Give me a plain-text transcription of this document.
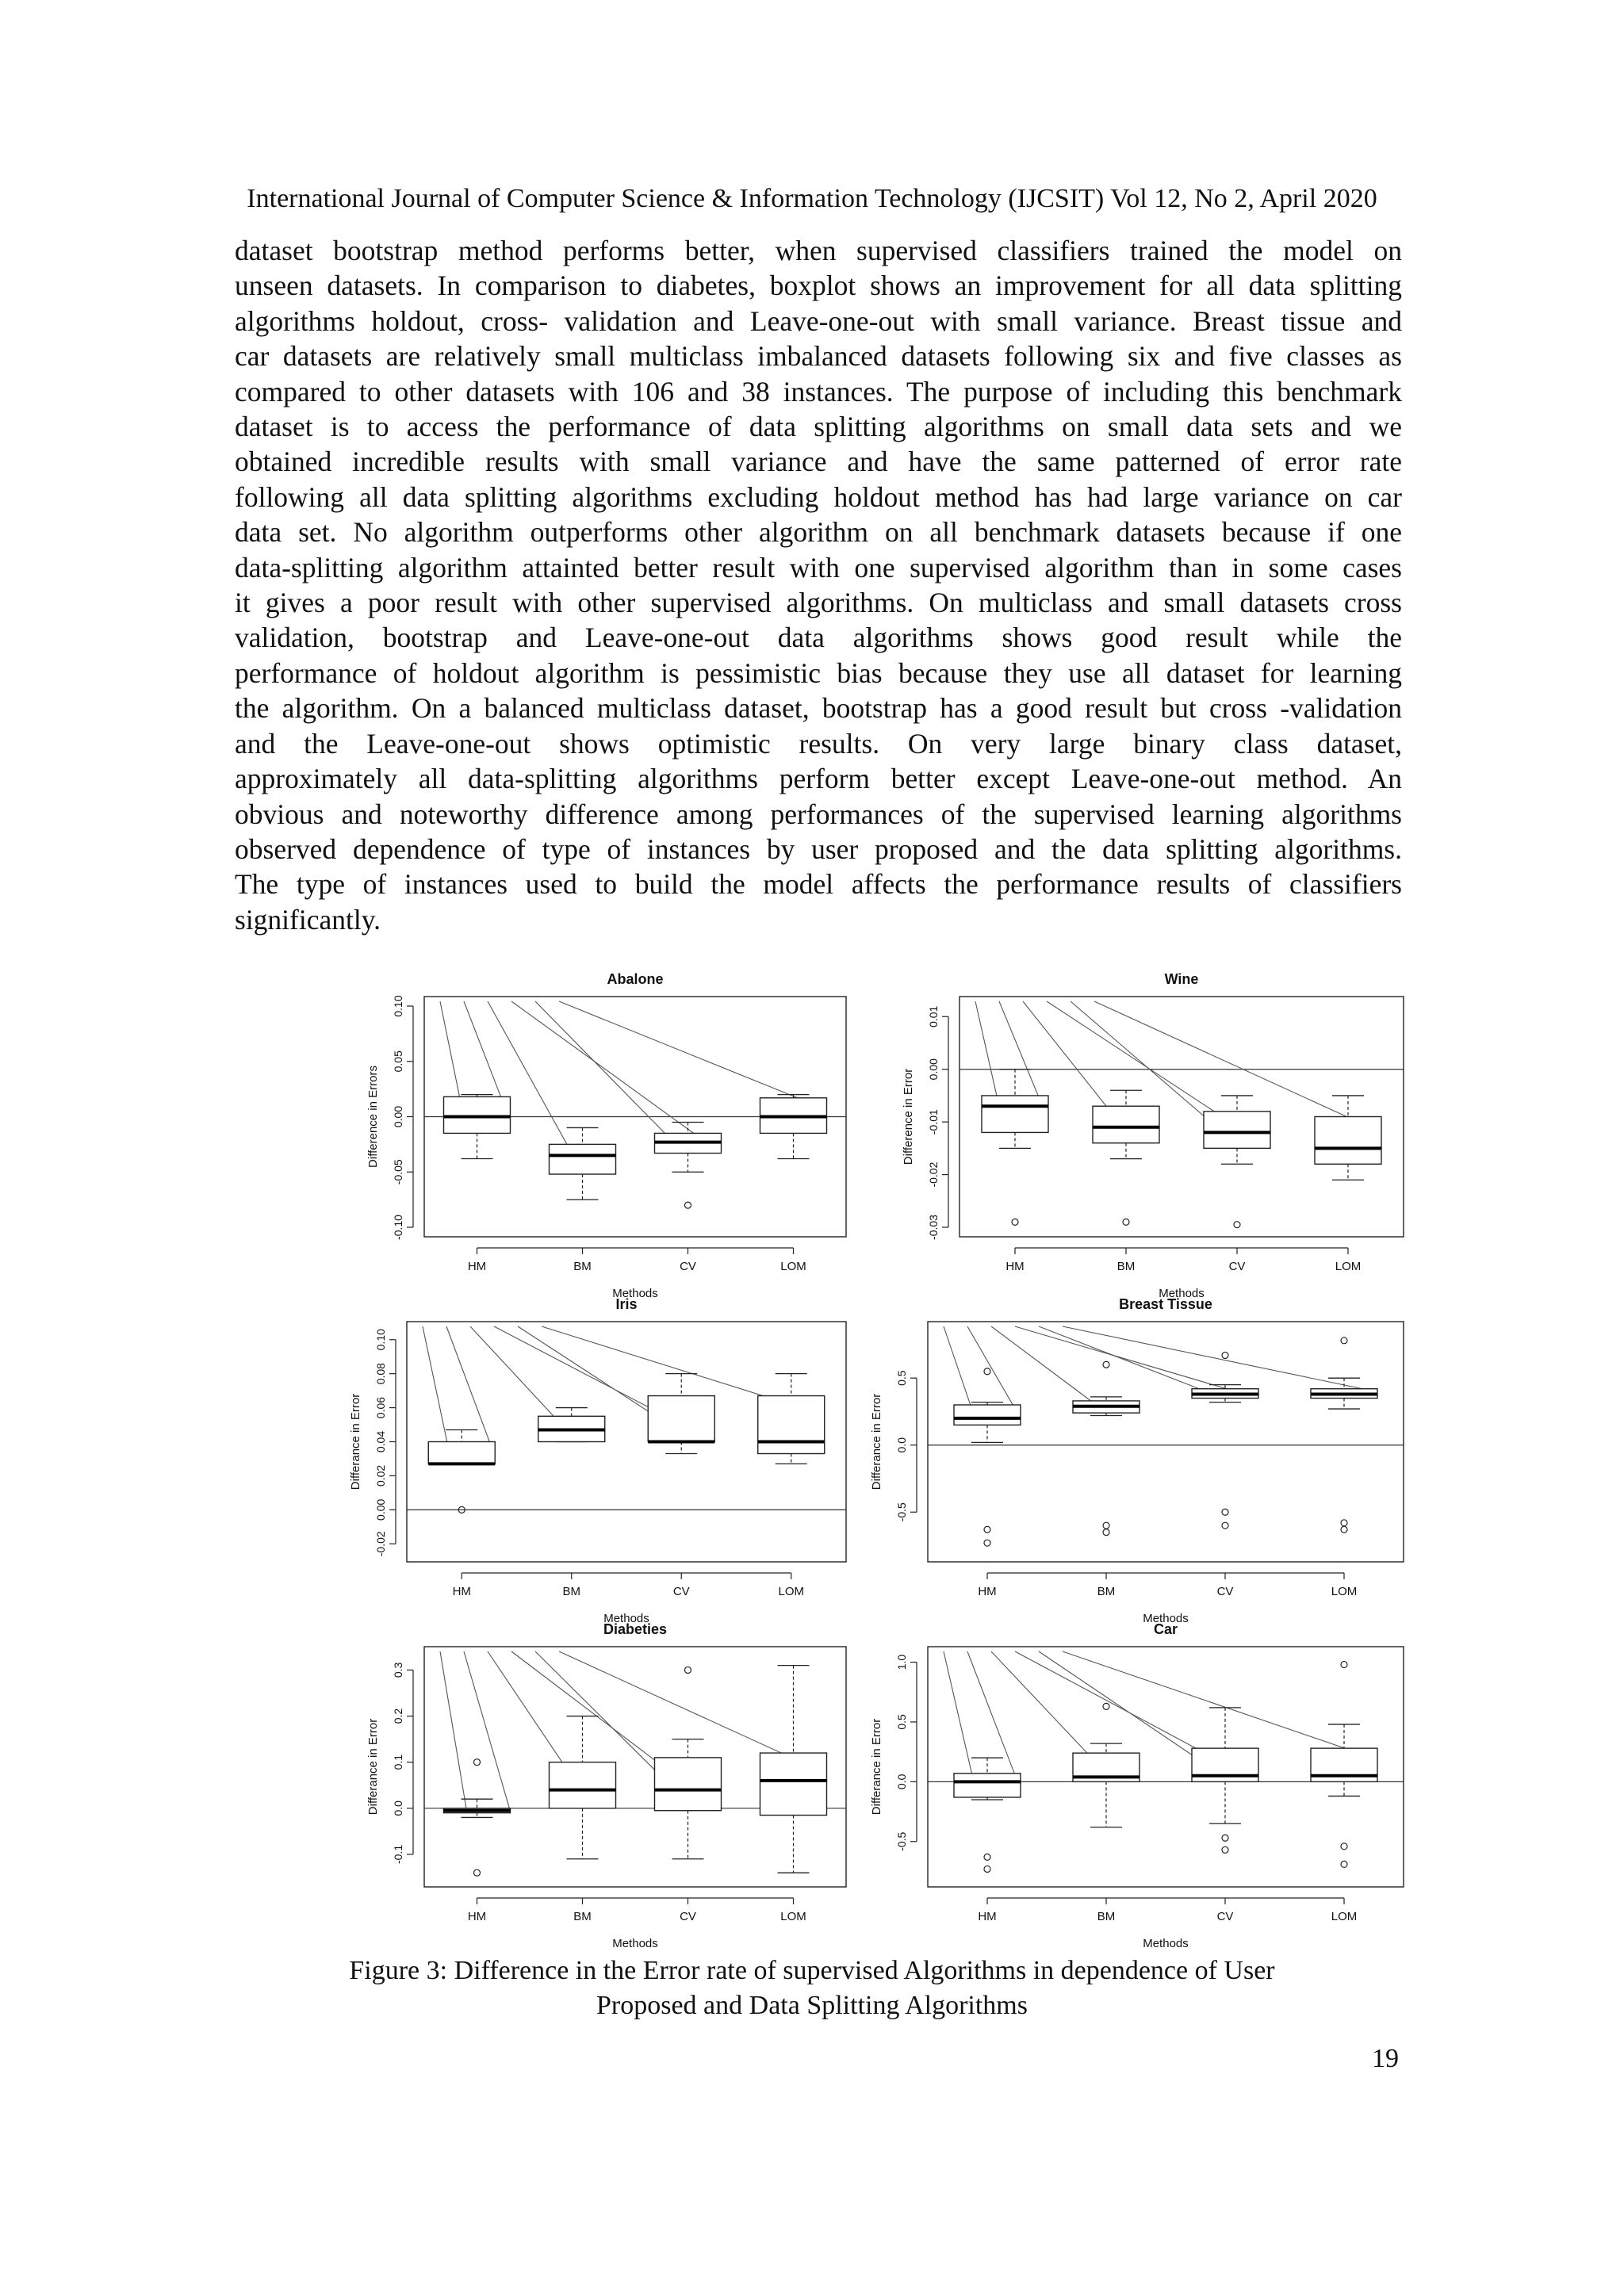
International Journal of Computer Science & Information Technology (IJCSIT) Vol 12, No 2, April 2020
dataset bootstrap method performs better, when supervised classifiers trained the model on
unseen datasets. In comparison to diabetes, boxplot shows an improvement for all data splitting
algorithms holdout, cross- validation and Leave-one-out with small variance. Breast tissue and
car datasets are relatively small multiclass imbalanced datasets following six and five classes as
compared to other datasets with 106 and 38 instances. The purpose of including this benchmark
dataset is to access the performance of data splitting algorithms on small data sets and we
obtained incredible results with small variance and have the same patterned of error rate
following all data splitting algorithms excluding holdout method has had large variance on car
data set. No algorithm outperforms other algorithm on all benchmark datasets because if one
data-splitting algorithm attainted better result with one supervised algorithm than in some cases
it gives a poor result with other supervised algorithms. On multiclass and small datasets cross
validation, bootstrap and Leave-one-out data algorithms shows good result while the
performance of holdout algorithm is pessimistic bias because they use all dataset for learning
the algorithm. On a balanced multiclass dataset, bootstrap has a good result but cross -validation
and the Leave-one-out shows optimistic results. On very large binary class dataset,
approximately all data-splitting algorithms perform better except Leave-one-out method. An
obvious and noteworthy difference among performances of the supervised learning algorithms
observed dependence of type of instances by user proposed and the data splitting algorithms.
The type of instances used to build the model affects the performance results of classifiers
significantly.
Abalone
-0.10
-0.05
0.00
0.05
0.10
Difference in Errors
HM	BM	CV	LOM
Methods
Wine
-0.03
-0.02
-0.01
0.00
0.01
Difference in Error
HM	BM	CV	LOM
Methods
Iris
-0.02
0.00
0.02
0.04
0.06
0.08
0.10
Differance in Error
HM	BM	CV	LOM
Methods
Breast Tissue
-0.5
0.0
0.5
Differance in Error
HM	BM	CV	LOM
Methods
Diabeties
-0.1
0.0
0.1
0.2
0.3
Differance in Error
HM	BM	CV	LOM
Methods
Car
-0.5
0.0
0.5
1.0
Differance in Error
HM	BM	CV	LOM
Methods
Figure 3: Difference in the Error rate of supervised Algorithms in dependence of User
Proposed and Data Splitting Algorithms
19
